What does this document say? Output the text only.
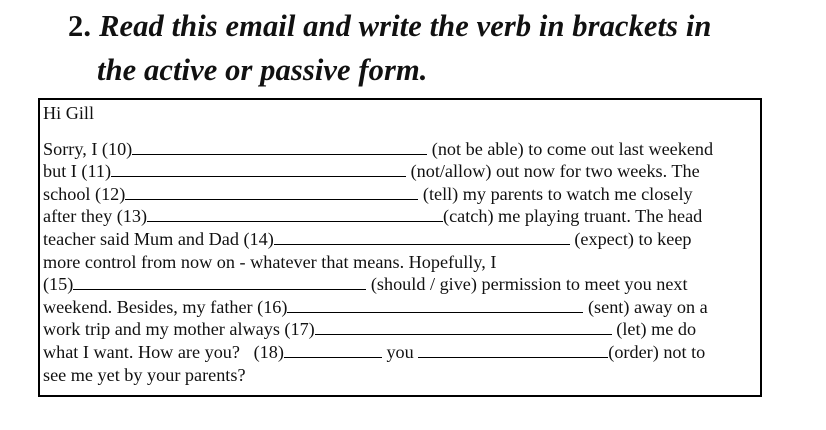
2. Read this email and write the verb in brackets in
the active or passive form.
Hi Gill
Sorry, I (10)	(not be able) to come out last weekend
but I (11)	(not/allow) out now for two weeks. The
school (12)	(tell) my parents to watch me closely
after they (13)	(catch) me playing truant. The head
teacher said Mum and Dad (14)	(expect) to keep
more control from now on - whatever that means. Hopefully, I
(15)	(should / give) permission to meet you next
weekend. Besides, my father (16)	(sent) away on a
work trip and my mother always (17)	(let) me do
what I want. How are you?   (18)	you	(order) not to
see me yet by your parents?
